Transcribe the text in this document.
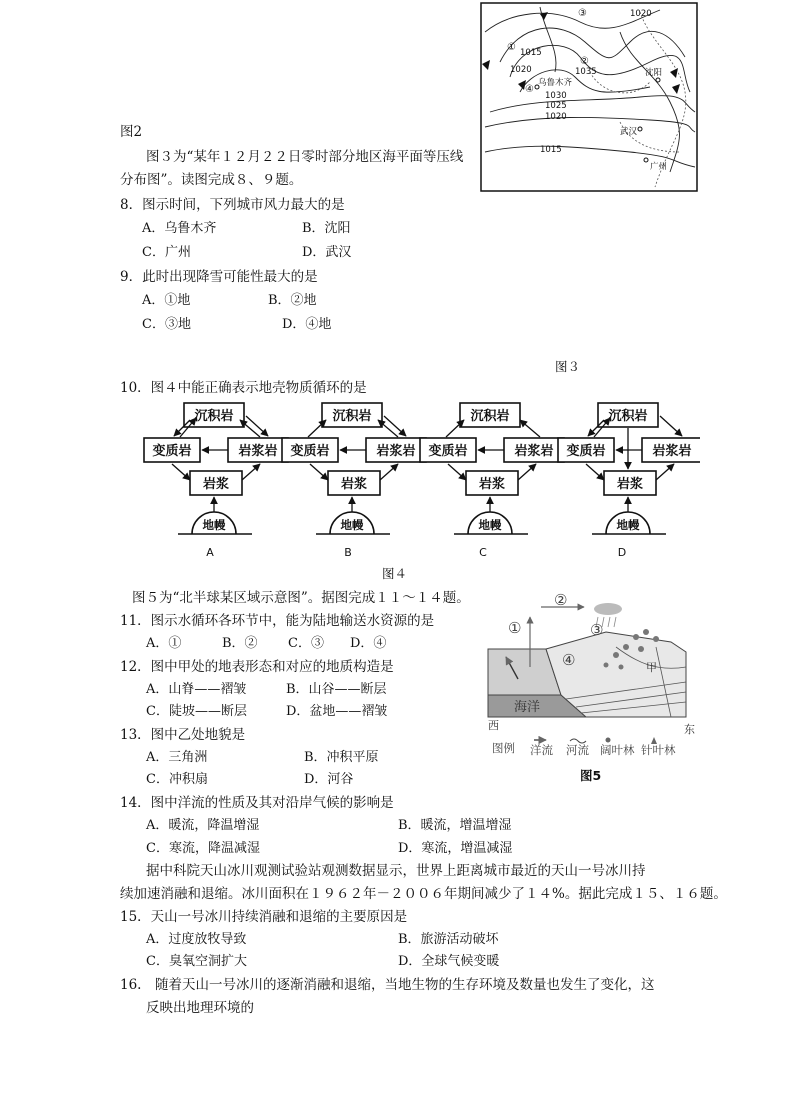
1020
1015
1020	1035
1030
1025
1020
1015
①
②
③
④
乌鲁木齐
沈阳
武汉
广州
图2
图３为“某年１２月２２日零时部分地区海平面等压线
分布图”。读图完成８、９题。
8．图示时间，下列城市风力最大的是
A．乌鲁木齐	B．沈阳
C．广州	D．武汉
9．此时出现降雪可能性最大的是
A．①地	B．②地
C．③地	D．④地
图３
10．图４中能正确表示地壳物质循环的是
沉积岩
变质岩	岩浆岩
岩浆
地幔
沉积岩
变质岩	岩浆岩
岩浆
地幔
沉积岩
变质岩	岩浆岩
岩浆
地幔
沉积岩
变质岩	岩浆岩
岩浆
地幔
A	B	C	D
图４
图５为“北半球某区域示意图”。据图完成１１～１４题。
①
②
③
④
海洋
西	东
甲
图例 洋流 河流 阔叶林 针叶林
图5
11．图示水循环各环节中，能为陆地输送水资源的是
A．①	B．② C．③ D．④
12．图中甲处的地表形态和对应的地质构造是
A．山脊——褶皱	B．山谷——断层
C．陡坡——断层	D．盆地——褶皱
13．图中乙处地貌是
A．三角洲	B．冲积平原
C．冲积扇	D．河谷
14．图中洋流的性质及其对沿岸气候的影响是
A．暖流，降温增湿	B．暖流，增温增湿
C．寒流，降温减湿	D．寒流，增温减湿
据中科院天山冰川观测试验站观测数据显示，世界上距离城市最近的天山一号冰川持
续加速消融和退缩。冰川面积在１９６２年－２００６年期间减少了１４%。据此完成１５、１６题。
15．天山一号冰川持续消融和退缩的主要原因是
A．过度放牧导致	B．旅游活动破坏
C．臭氧空洞扩大	D．全球气候变暖
16.　随着天山一号冰川的逐渐消融和退缩，当地生物的生存环境及数量也发生了变化，这
反映出地理环境的
